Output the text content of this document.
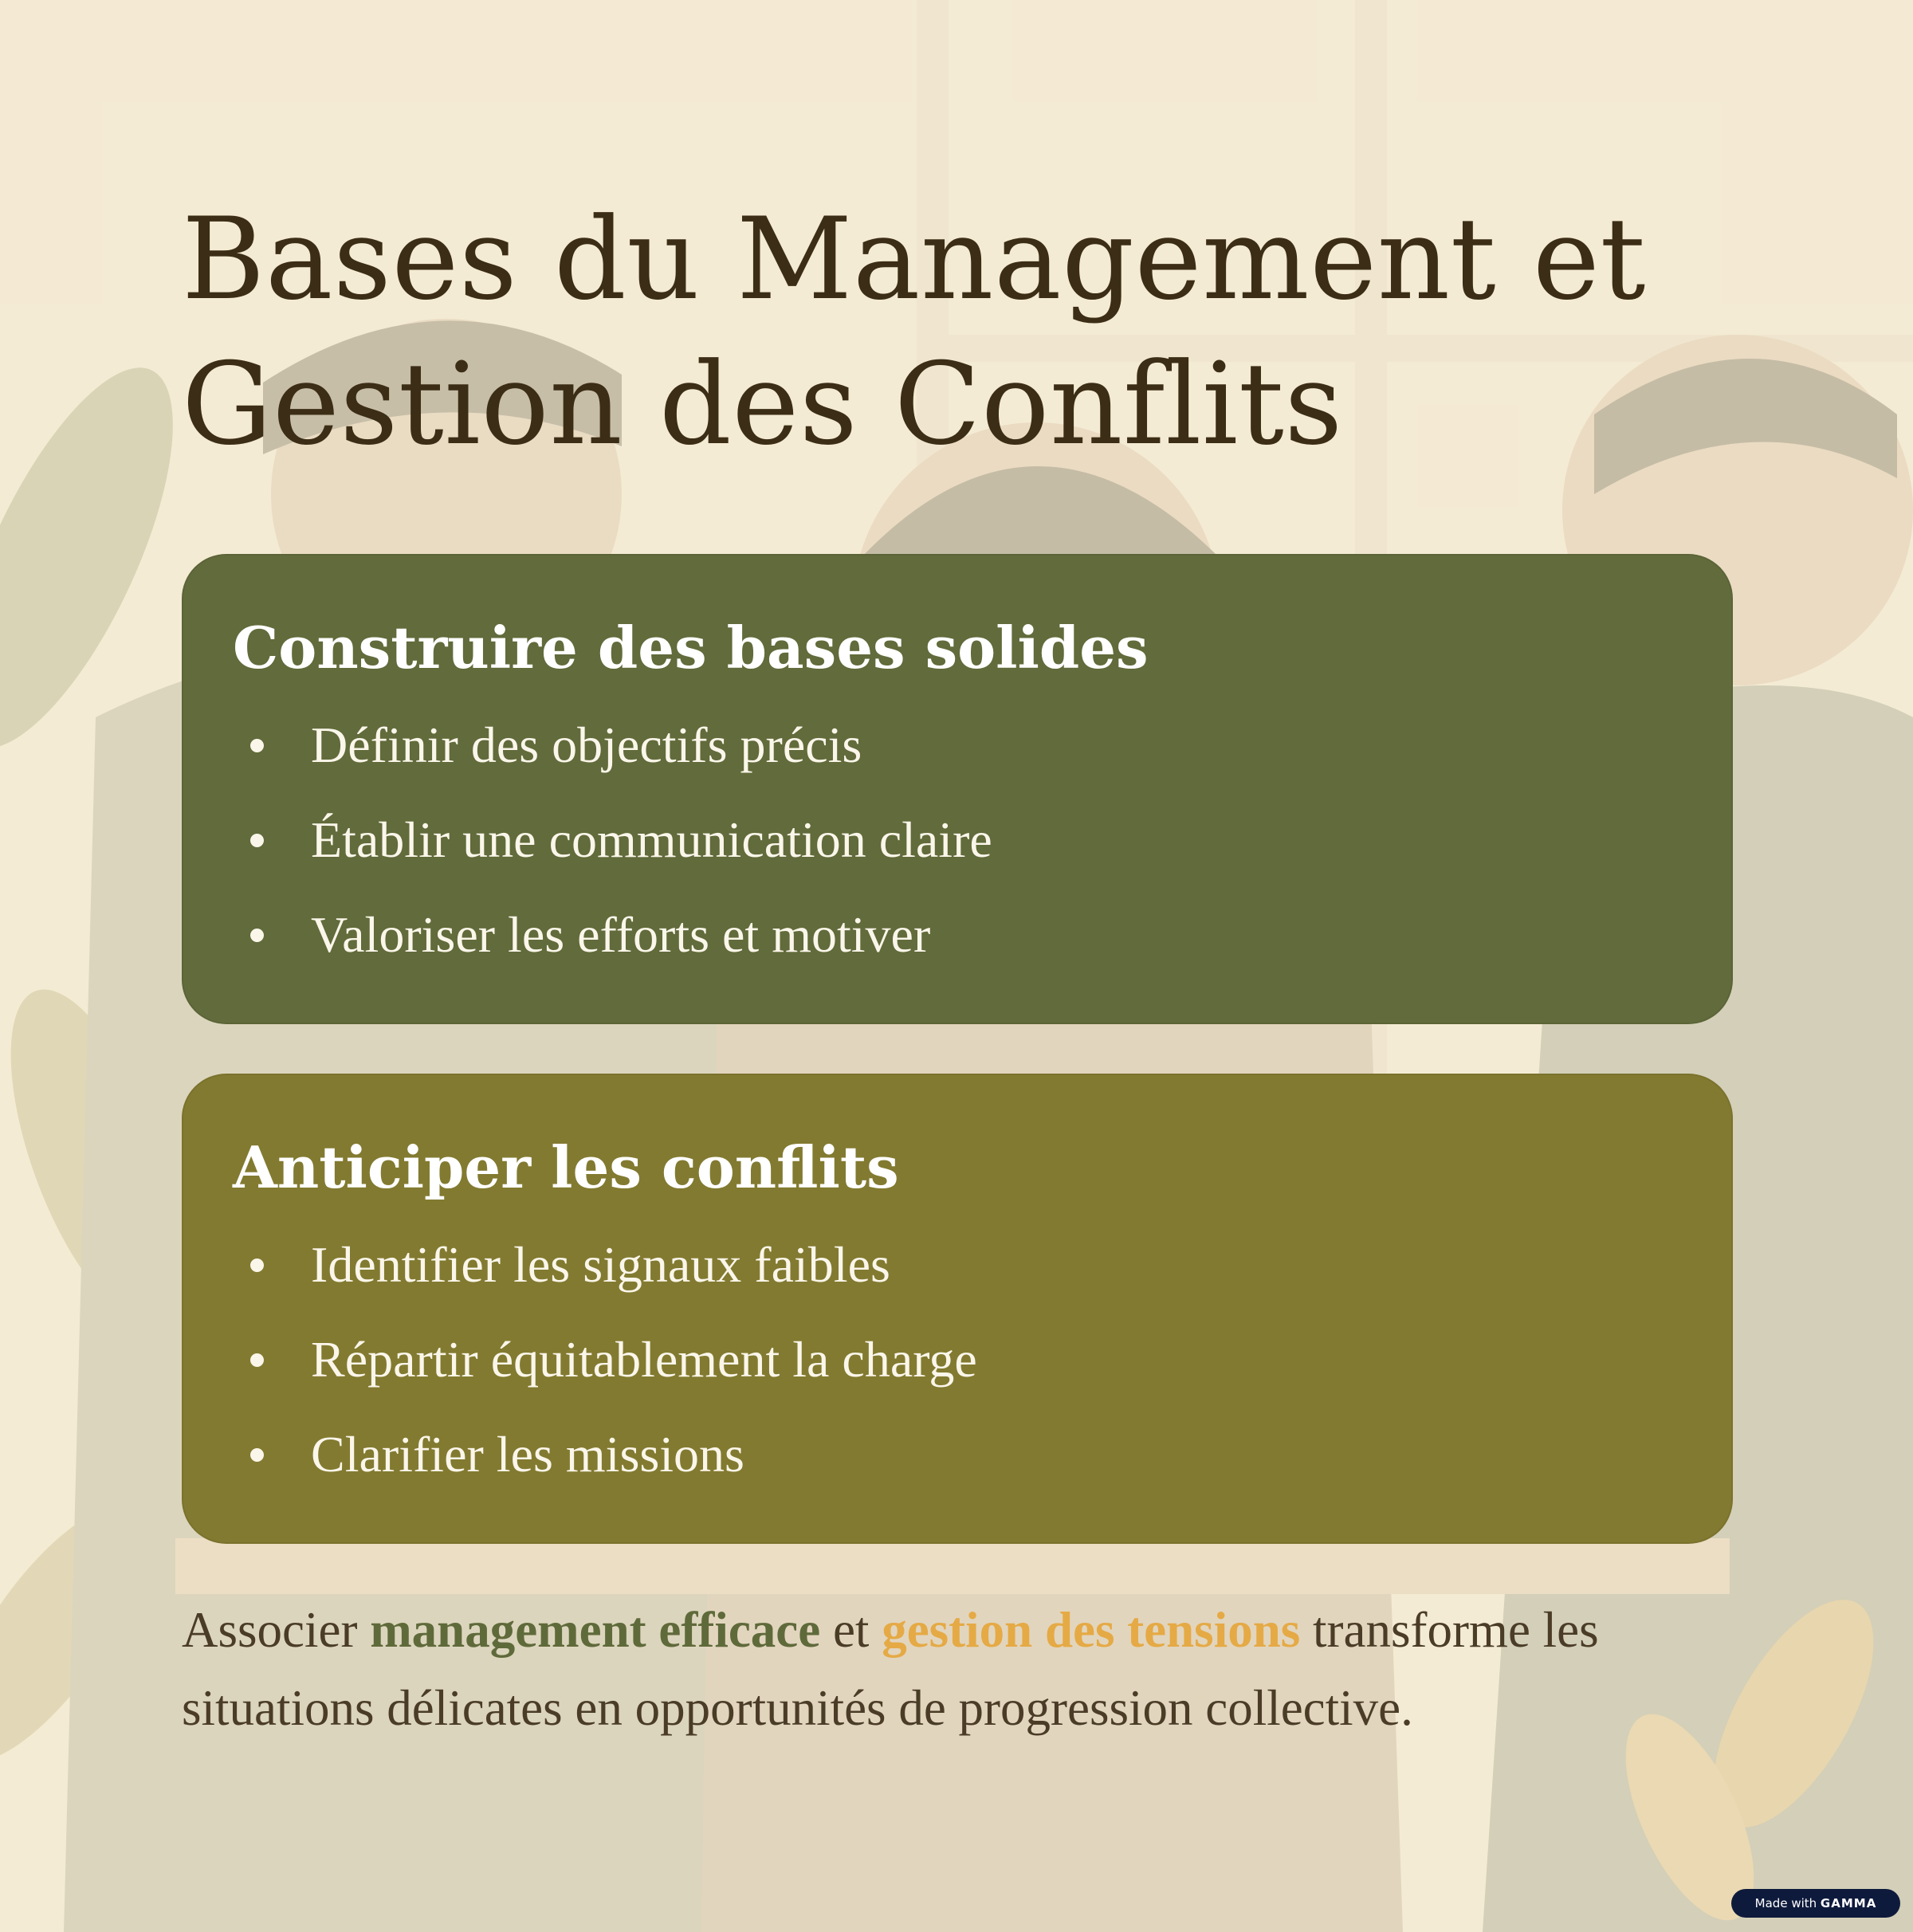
Bases du Management et Gestion des Conflits
Construire des bases solides
Définir des objectifs précis
Établir une communication claire
Valoriser les efforts et motiver
Anticiper les conflits
Identifier les signaux faibles
Répartir équitablement la charge
Clarifier les missions

Associer management efficace et gestion des tensions transforme les situations délicates en opportunités de progression collective.

Made with GAMMA
